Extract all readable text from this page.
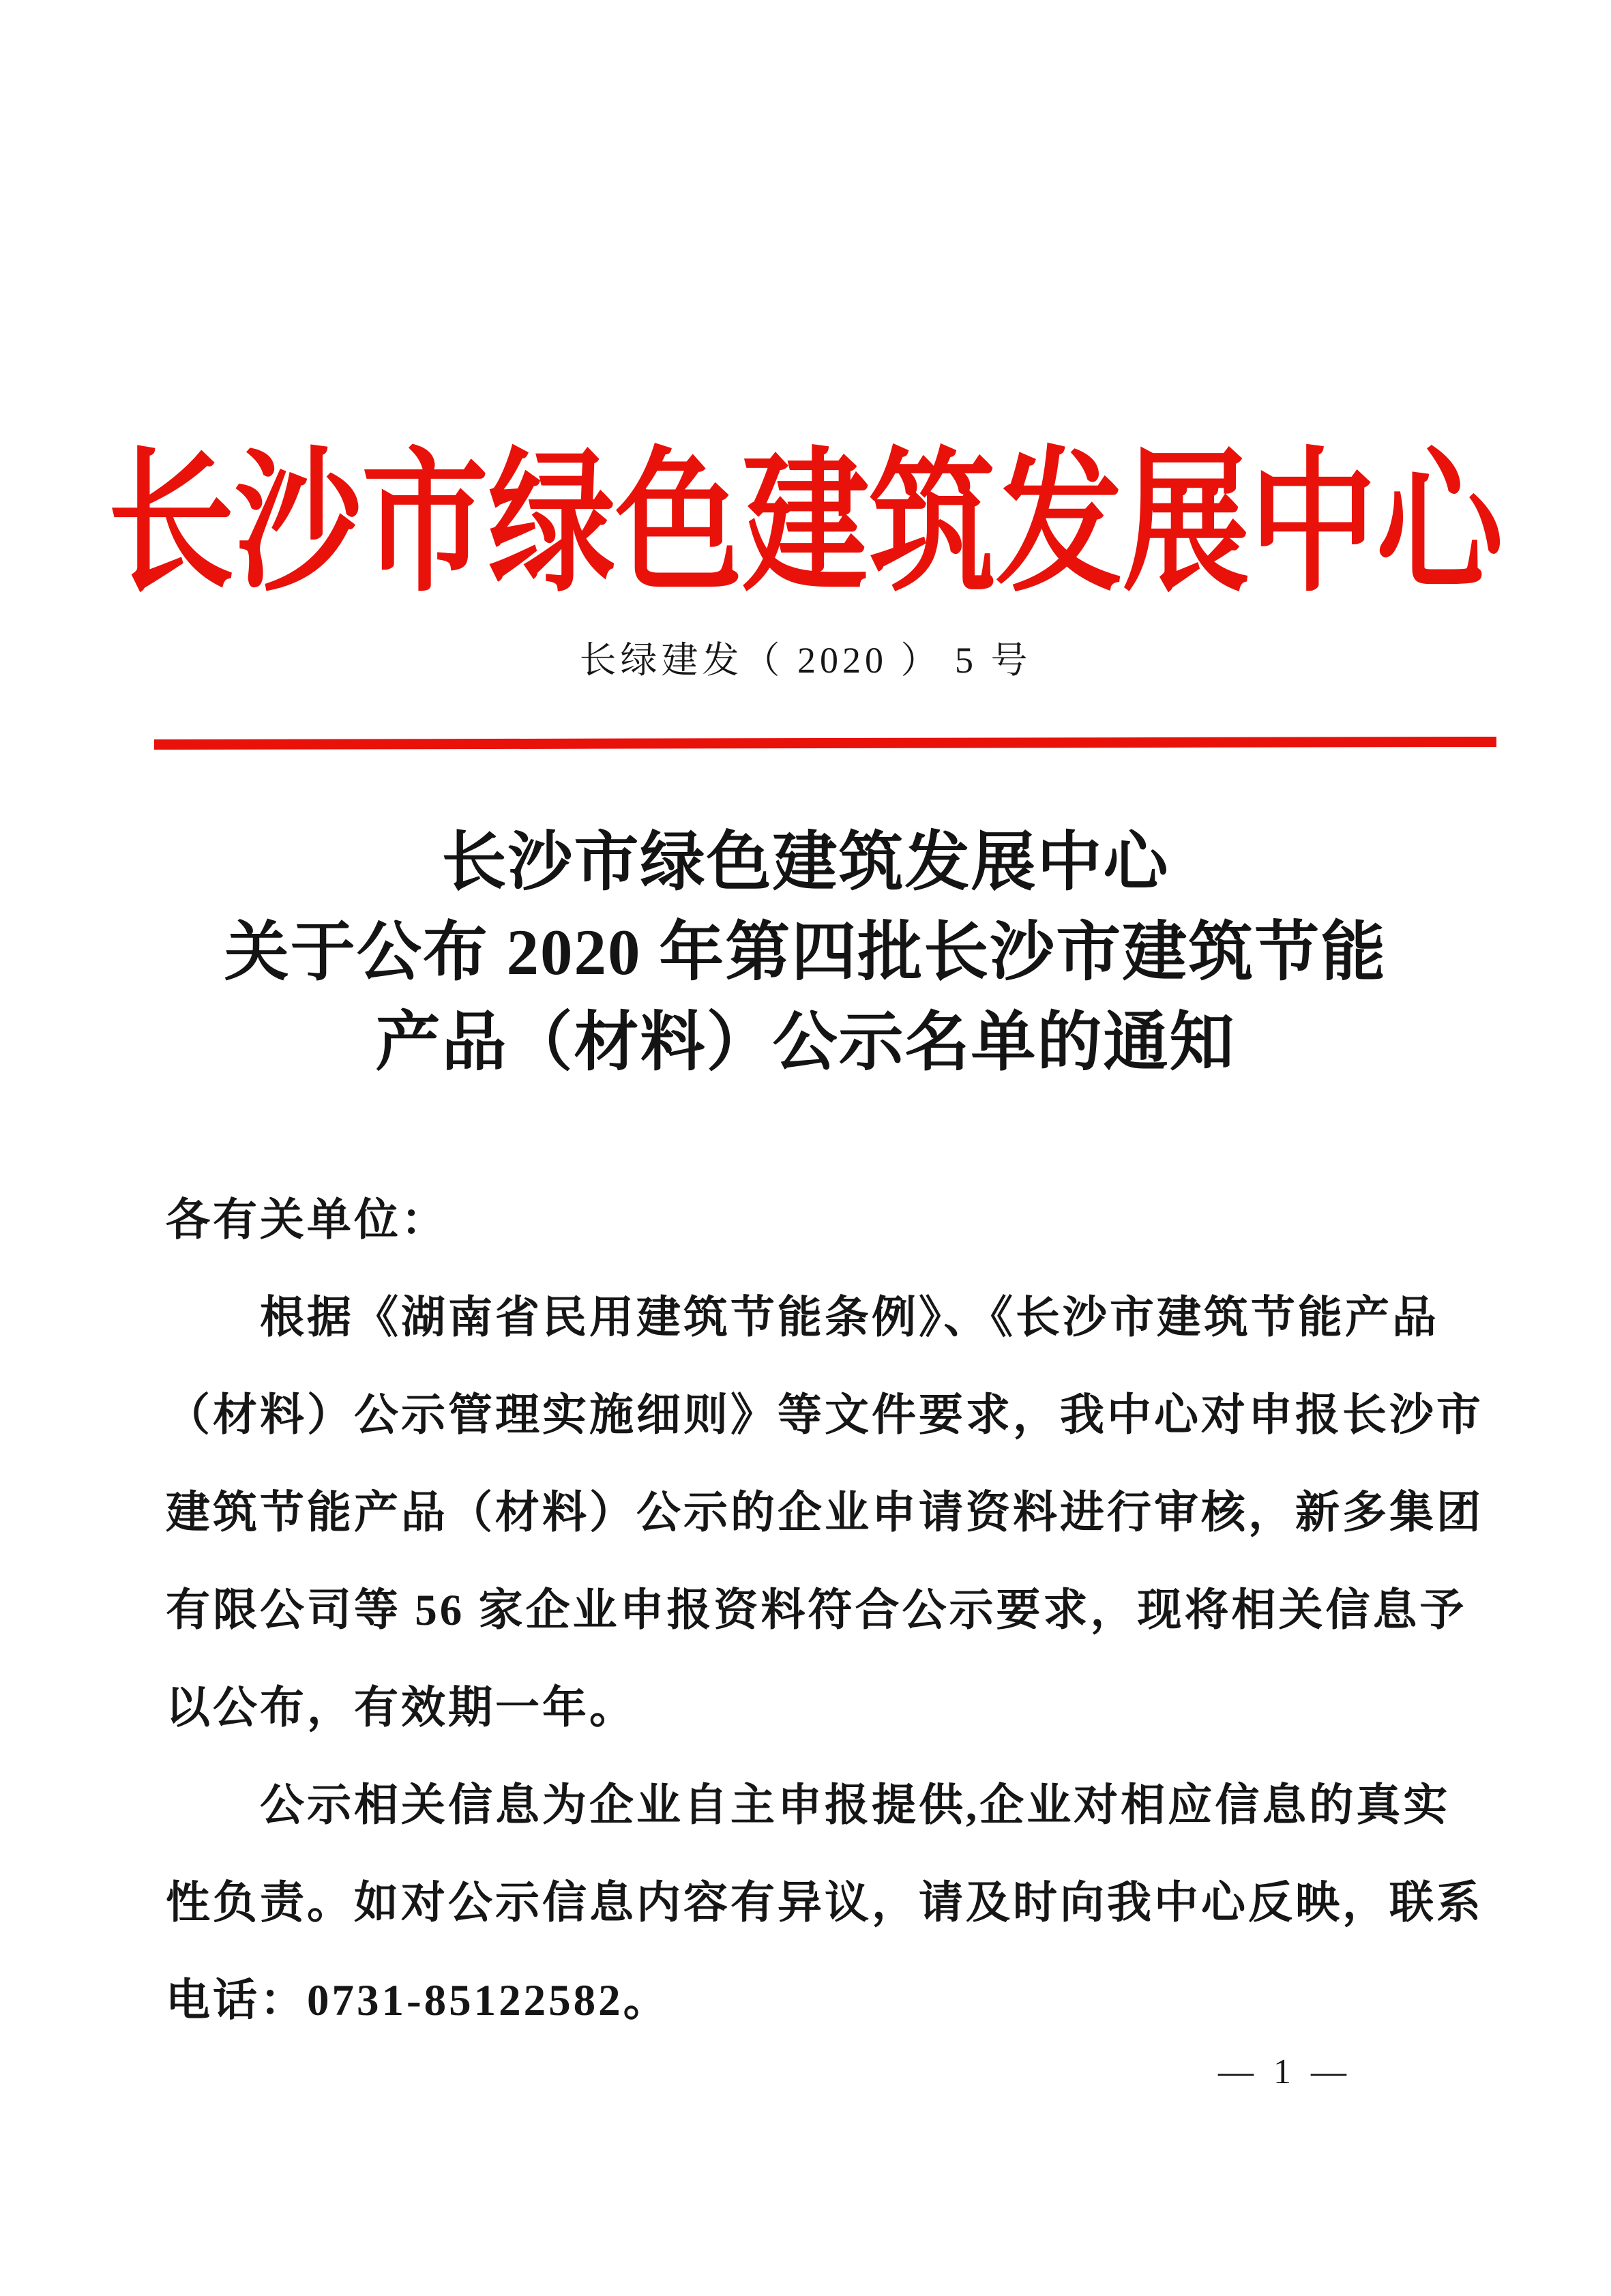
长沙市绿色建筑发展中心
长绿建发（ 2020 ） 5 号
长沙市绿色建筑发展中心
关于公布 2020 年第四批长沙市建筑节能
产品（材料）公示名单的通知
各有关单位：
根据《湖南省民用建筑节能条例》、《长沙市建筑节能产品
（材料）公示管理实施细则》等文件要求，我中心对申报长沙市
建筑节能产品（材料）公示的企业申请资料进行审核，新多集团
有限公司等 56 家企业申报资料符合公示要求，现将相关信息予
以公布，有效期一年。
公示相关信息为企业自主申报提供,企业对相应信息的真实
性负责。如对公示信息内容有异议，请及时向我中心反映，联系
电话：0731-85122582。
— 1 —
